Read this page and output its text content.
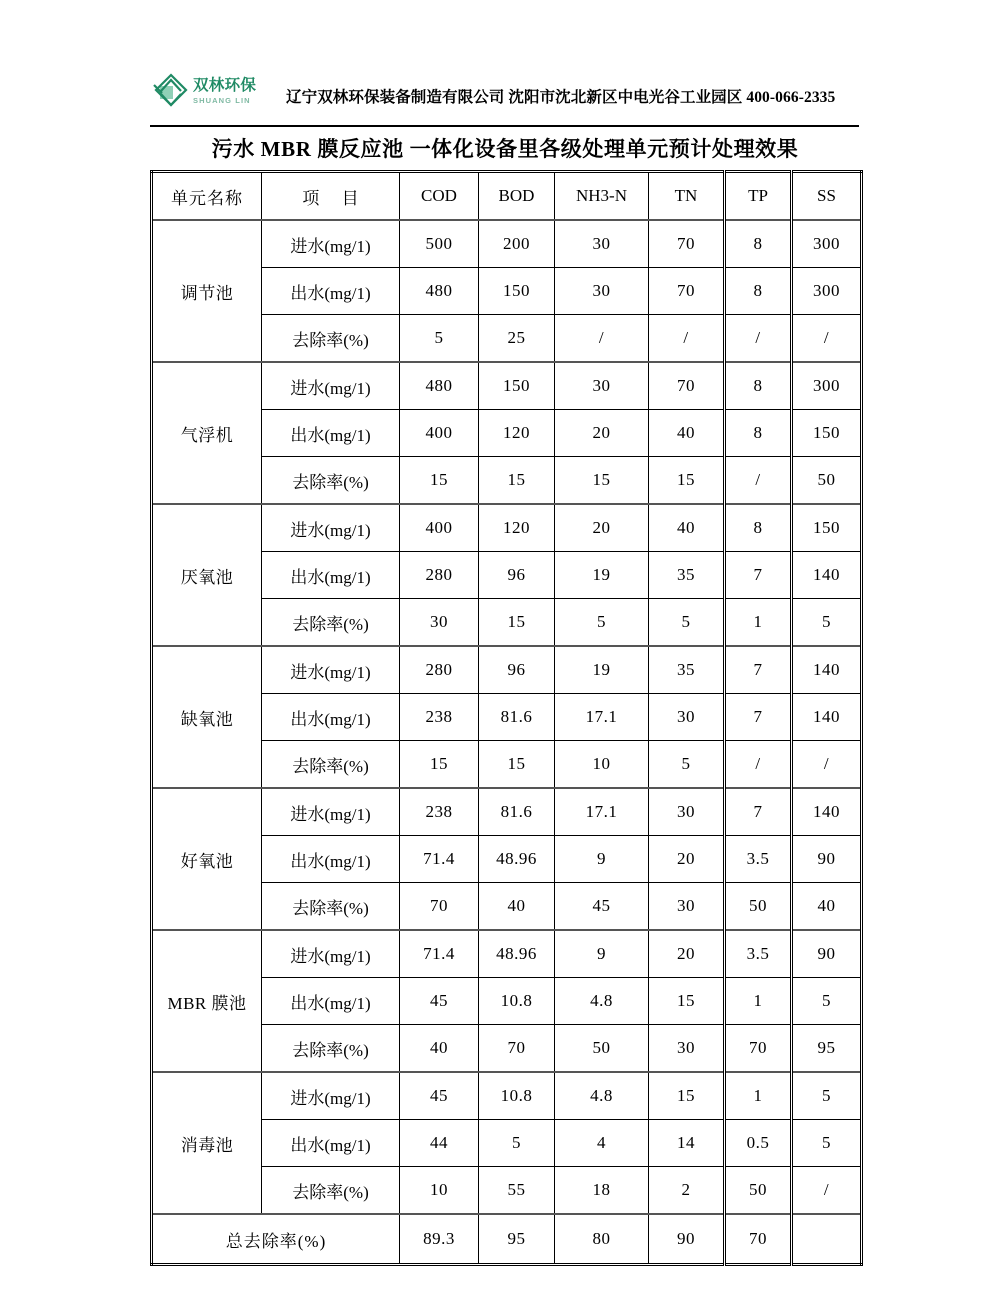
双林环保
SHUANG LIN	辽宁双林环保装备制造有限公司 沈阳市沈北新区中电光谷工业园区 400-066-2335
污水 MBR 膜反应池 一体化设备里各级处理单元预计处理效果
单元名称	项 目	COD	BOD	NH3-N	TN	TP	SS
调节池	进水(mg/1)	500	200	30	70	8	300
	出水(mg/1)	480	150	30	70	8	300
	去除率(%)	5	25	/	/	/	/
气浮机	进水(mg/1)	480	150	30	70	8	300
	出水(mg/1)	400	120	20	40	8	150
	去除率(%)	15	15	15	15	/	50
厌氧池	进水(mg/1)	400	120	20	40	8	150
	出水(mg/1)	280	96	19	35	7	140
	去除率(%)	30	15	5	5	1	5
缺氧池	进水(mg/1)	280	96	19	35	7	140
	出水(mg/1)	238	81.6	17.1	30	7	140
	去除率(%)	15	15	10	5	/	/
好氧池	进水(mg/1)	238	81.6	17.1	30	7	140
	出水(mg/1)	71.4	48.96	9	20	3.5	90
	去除率(%)	70	40	45	30	50	40
MBR 膜池	进水(mg/1)	71.4	48.96	9	20	3.5	90
	出水(mg/1)	45	10.8	4.8	15	1	5
	去除率(%)	40	70	50	30	70	95
消毒池	进水(mg/1)	45	10.8	4.8	15	1	5
	出水(mg/1)	44	5	4	14	0.5	5
	去除率(%)	10	55	18	2	50	/
总去除率(%)		89.3	95	80	90	70	
